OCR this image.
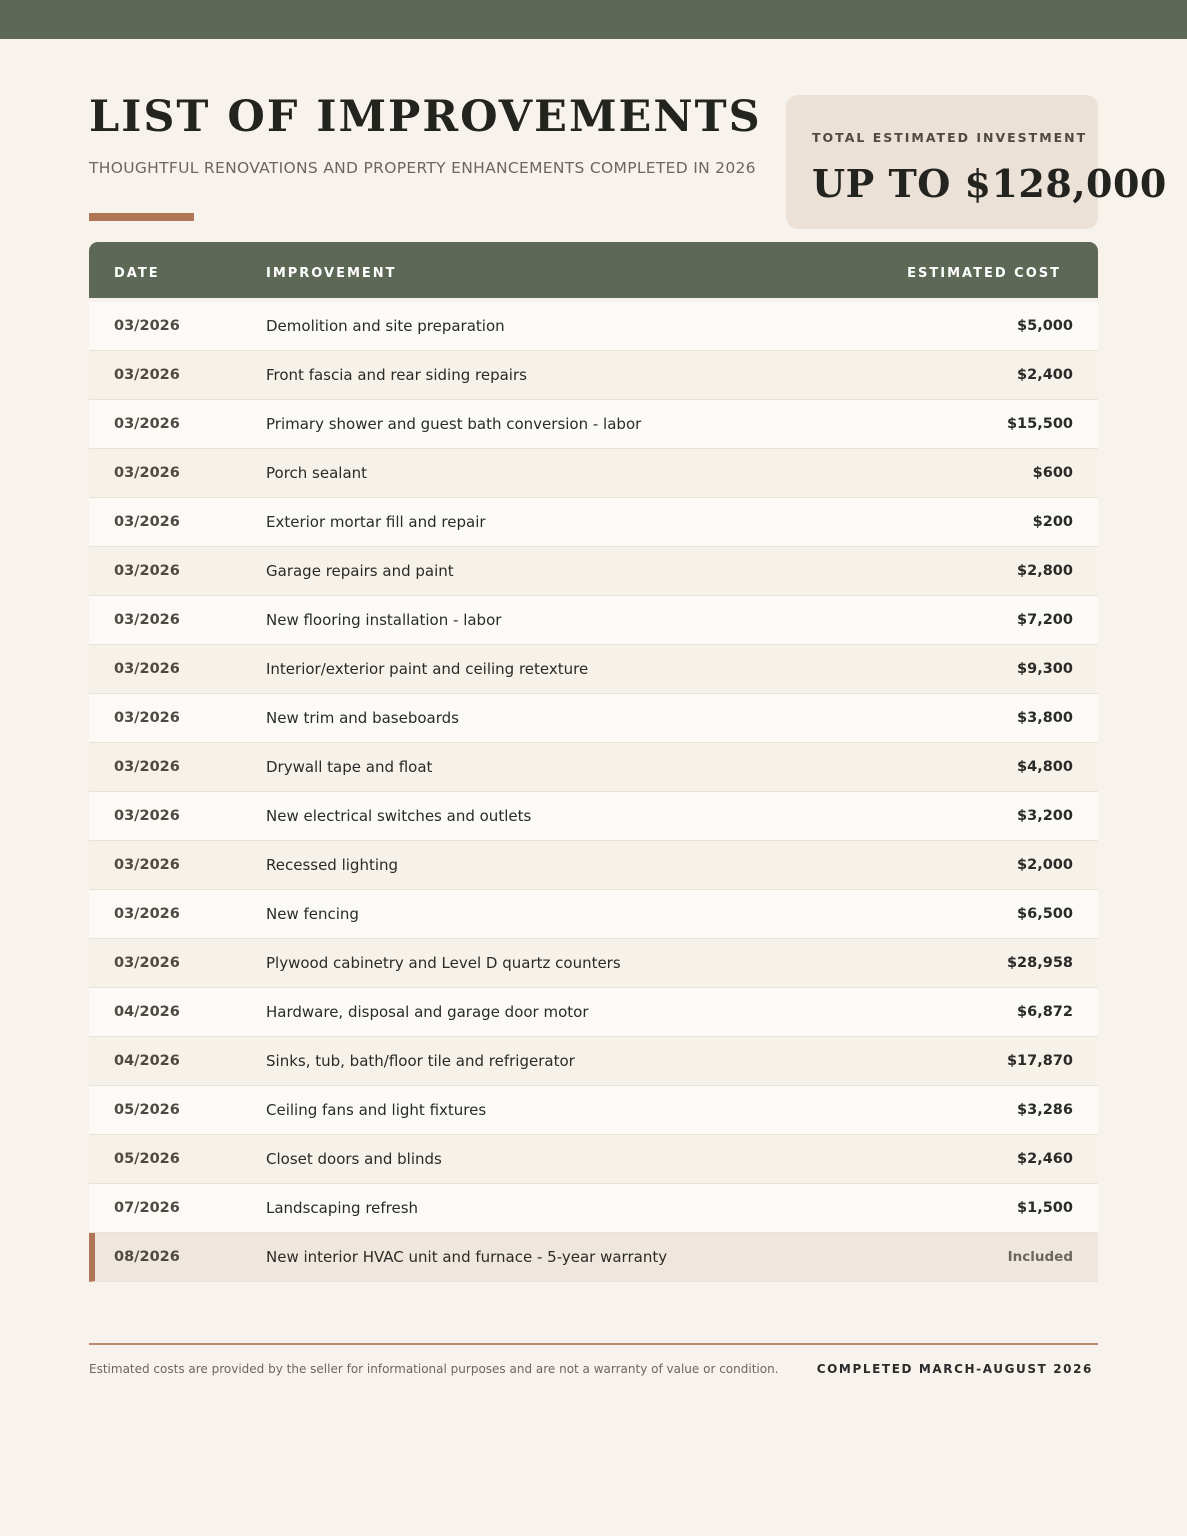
LIST OF IMPROVEMENTS
THOUGHTFUL RENOVATIONS AND PROPERTY ENHANCEMENTS COMPLETED IN 2026
TOTAL ESTIMATED INVESTMENT
UP TO $128,000
DATE	IMPROVEMENT	ESTIMATED COST
03/2026	Demolition and site preparation	$5,000
03/2026	Front fascia and rear siding repairs	$2,400
03/2026	Primary shower and guest bath conversion - labor	$15,500
03/2026	Porch sealant	$600
03/2026	Exterior mortar fill and repair	$200
03/2026	Garage repairs and paint	$2,800
03/2026	New flooring installation - labor	$7,200
03/2026	Interior/exterior paint and ceiling retexture	$9,300
03/2026	New trim and baseboards	$3,800
03/2026	Drywall tape and float	$4,800
03/2026	New electrical switches and outlets	$3,200
03/2026	Recessed lighting	$2,000
03/2026	New fencing	$6,500
03/2026	Plywood cabinetry and Level D quartz counters	$28,958
04/2026	Hardware, disposal and garage door motor	$6,872
04/2026	Sinks, tub, bath/floor tile and refrigerator	$17,870
05/2026	Ceiling fans and light fixtures	$3,286
05/2026	Closet doors and blinds	$2,460
07/2026	Landscaping refresh	$1,500
08/2026	New interior HVAC unit and furnace - 5-year warranty	Included
Estimated costs are provided by the seller for informational purposes and are not a warranty of value or condition.	COMPLETED MARCH-AUGUST 2026
